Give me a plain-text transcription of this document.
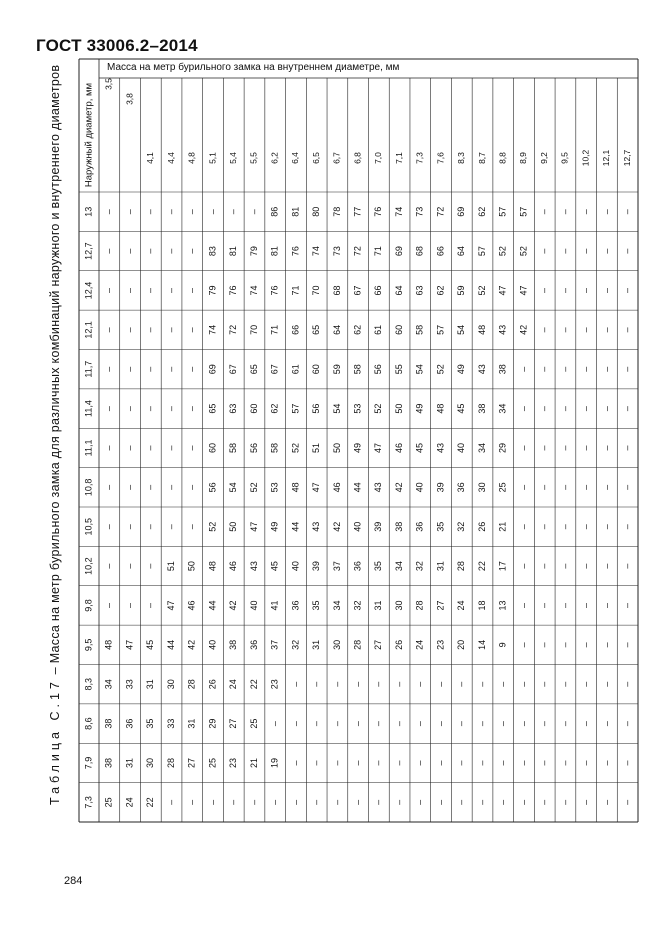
ГОСТ 33006.2–2014
Таблица С.17 – Масса на метр бурильного замка для различных комбинаций наружного и внутреннего диаметров	Масса на метр бурильного замка на внутреннем диаметре, мм
Наружный диаметр, мм
13
12,7
12,4
12,1
11,7
11,4
11,1
10,8
10,5
10,2
9,8
9,5
8,3
8,6
7,9
7,3
3,5
3,8
4,1 4,4 4,8 5,1 5,4 5,5 6,2 6,4 6,5 6,7 6,8 7,0 7,1 7,3 7,6 8,3 8,7 8,8 8,9 9,2 9,5 10,2 12,1 12,7
–
–
–
–
–
–
–
–
–
–
–
48
34
38
38
25
–
–
–
–
–
–
–
–
–
–
–
47
33
36
31
24
–
–
–
–
–
–
–
–
–
–
–
45
31
35
30
22
–
–
–
–
–
–
–
–
–
51
47
44
30
33
28
–
–
–
–
–
–
–
–
–
–
50
46
42
28
31
27
–
–
83
79
74
69
65
60
56
52
48
44
40
26
29
25
–
–
81
76
72
67
63
58
54
50
46
42
38
24
27
23
–
–
79
74
70
65
60
56
52
47
43
40
36
22
25
21
–
86
81
76
71
67
62
58
53
49
45
41
37
23
–
19
–
81
76
71
66
61
57
52
48
44
40
36
32
–
–
–
–
80
74
70
65
60
56
51
47
43
39
35
31
–
–
–
–
78
73
68
64
59
54
50
46
42
37
34
30
–
–
–
–
77
72
67
62
58
53
49
44
40
36
32
28
–
–
–
–
76
71
66
61
56
52
47
43
39
35
31
27
–
–
–
–
74
69
64
60
55
50
46
42
38
34
30
26
–
–
–
–
73
68
63
58
54
49
45
40
36
32
28
24
–
–
–
–
72
66
62
57
52
48
43
39
35
31
27
23
–
–
–
–
69
64
59
54
49
45
40
36
32
28
24
20
–
–
–
–
62
57
52
48
43
38
34
30
26
22
18
14
–
–
–
–
57
52
47
43
38
34
29
25
21
17
13
9
–
–
–
–
57
52
47
42
–
–
–
–
–
–
–
–
–
–
–
–
–
–
–
–
–
–
–
–
–
–
–
–
–
–
–
–
–
–
–
–
–
–
–
–
–
–
–
–
–
–
–
–
–
–
–
–
–
–
–
–
–
–
–
–
–
–
–
–
–
–
–
–
–
–
–
–
–
–
–
–
–
–
–
–
–
–
–
–
–
–
–
–
–
–
–
–
–
–
–
–
284
